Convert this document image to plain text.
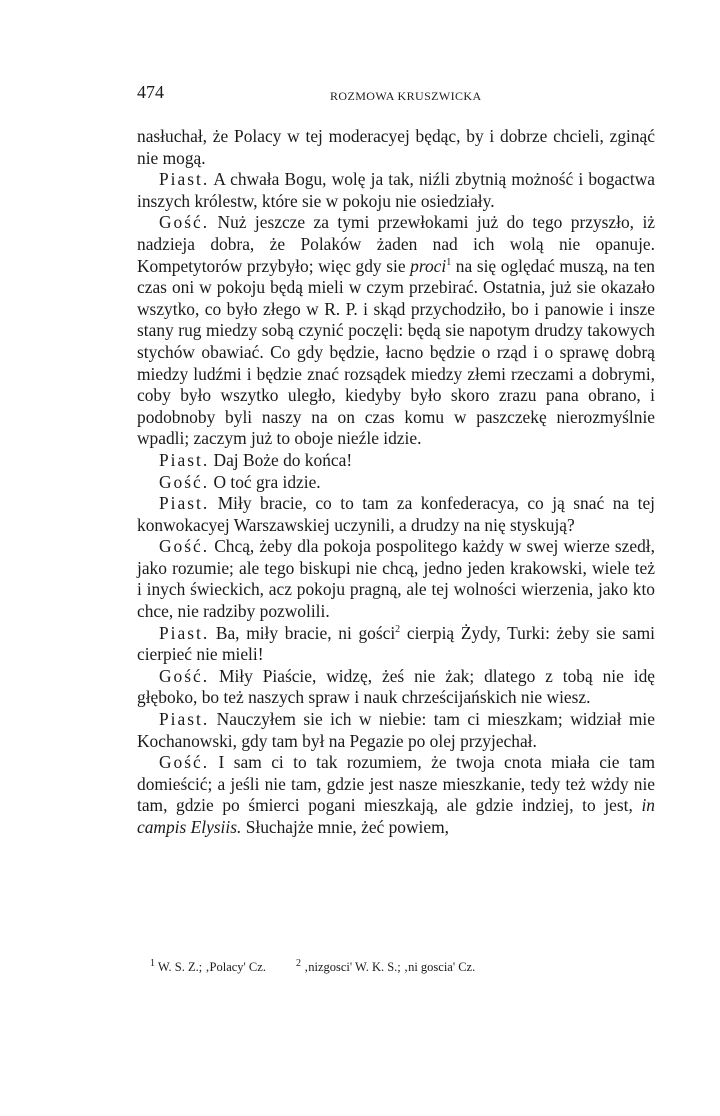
474	ROZMOWA KRUSZWICKA

nasłuchał, że Polacy w tej moderacyej będąc, by i dobrze chcieli, zginąć nie mogą.

Piast. A chwała Bogu, wolę ja tak, niźli zbytnią możność i bogactwa inszych królestw, które sie w pokoju nie osiedziały.

Gość. Nuż jeszcze za tymi przewłokami już do tego przyszło, iż nadzieja dobra, że Polaków żaden nad ich wolą nie opanuje. Kompetytorów przybyło; więc gdy sie proci$^1$ na się oględać muszą, na ten czas oni w pokoju będą mieli w czym przebirać. Ostatnia, już sie okazało wszytko, co było złego w R. P. i skąd przychodziło, bo i panowie i insze stany rug miedzy sobą czynić poczęli: będą sie napotym drudzy takowych stychów obawiać. Co gdy będzie, łacno będzie o rząd i o sprawę dobrą miedzy ludźmi i będzie znać rozsądek miedzy złemi rzeczami a dobrymi, coby było wszytko uległo, kiedyby było skoro zrazu pana obrano, i podobnoby byli naszy na on czas komu w paszczekę nierozmyślnie wpadli; zaczym już to oboje nieźle idzie.

Piast. Daj Boże do końca!

Gość. O toć gra idzie.

Piast. Miły bracie, co to tam za konfederacya, co ją snać na tej konwokacyej Warszawskiej uczynili, a drudzy na nię styskują?

Gość. Chcą, żeby dla pokoja pospolitego każdy w swej wierze szedł, jako rozumie; ale tego biskupi nie chcą, jedno jeden krakowski, wiele też i inych świeckich, acz pokoju pragną, ale tej wolności wierzenia, jako kto chce, nie radziby pozwolili.

Piast. Ba, miły bracie, ni gości$^2$ cierpią Żydy, Turki: żeby sie sami cierpieć nie mieli!

Gość. Miły Piaście, widzę, żeś nie żak; dlatego z tobą nie idę głęboko, bo też naszych spraw i nauk chrześcijańskich nie wiesz.

Piast. Nauczyłem sie ich w niebie: tam ci mieszkam; widział mie Kochanowski, gdy tam był na Pegazie po olej przyjechał.

Gość. I sam ci to tak rozumiem, że twoja cnota miała cie tam domieścić; a jeśli nie tam, gdzie jest nasze mieszkanie, tedy też wżdy nie tam, gdzie po śmierci pogani mieszkają, ale gdzie indziej, to jest, in campis Elysiis. Słuchajże mnie, żeć powiem,

$^1$ W. S. Z.; ‚Polacy' Cz.	$^2$ ‚nizgosci' W. K. S.; ‚ni goscia' Cz.
